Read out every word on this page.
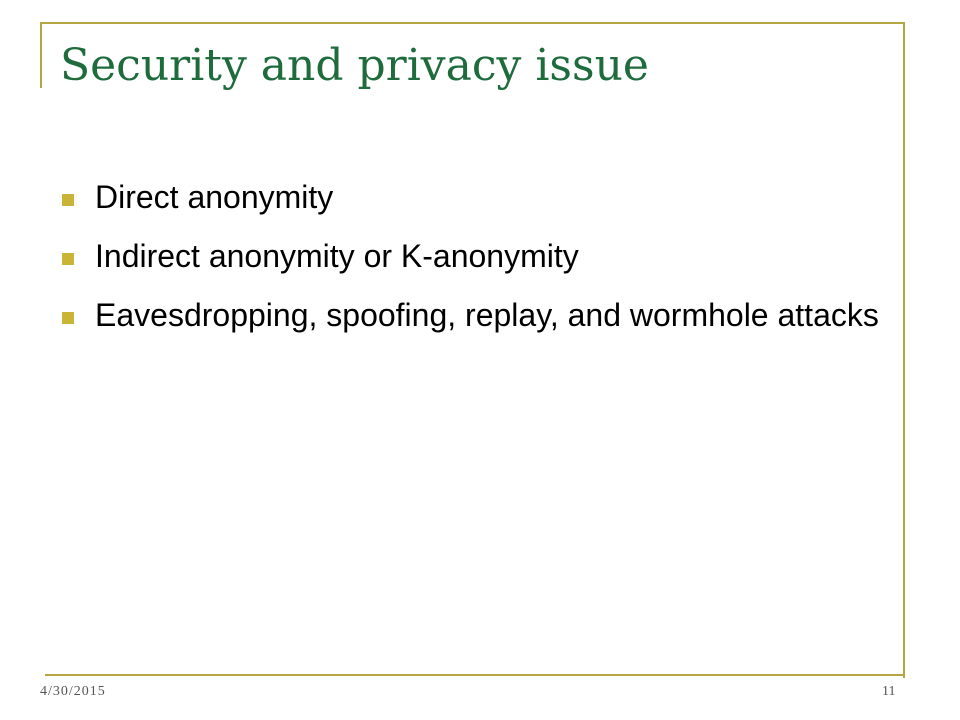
Security and privacy issue
Direct anonymity
Indirect anonymity or K-anonymity
Eavesdropping, spoofing, replay, and wormhole attacks
4/30/2015	11
